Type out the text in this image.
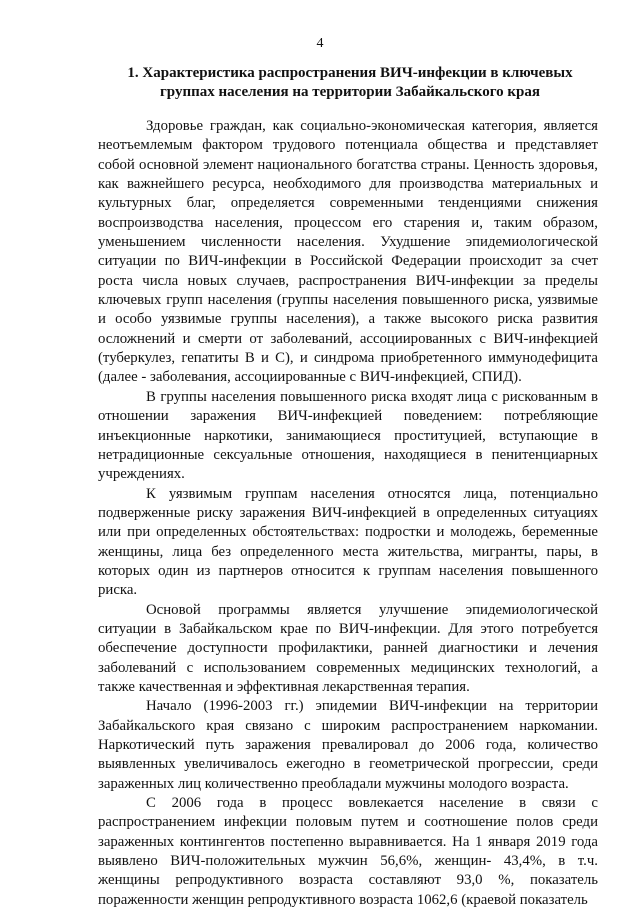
4
1. Характеристика распространения ВИЧ-инфекции в ключевых группах населения на территории Забайкальского края

Здоровье граждан, как социально-экономическая категория, является неотъемлемым фактором трудового потенциала общества и представляет собой основной элемент национального богатства страны. Ценность здоровья, как важнейшего ресурса, необходимого для производства материальных и культурных благ, определяется современными тенденциями снижения воспроизводства населения, процессом его старения и, таким образом, уменьшением численности населения. Ухудшение эпидемиологической ситуации по ВИЧ-инфекции в Российской Федерации происходит за счет роста числа новых случаев, распространения ВИЧ-инфекции за пределы ключевых групп населения (группы населения повышенного риска, уязвимые и особо уязвимые группы населения), а также высокого риска развития осложнений и смерти от заболеваний, ассоциированных с ВИЧ-инфекцией (туберкулез, гепатиты В и С), и синдрома приобретенного иммунодефицита (далее - заболевания, ассоциированные с ВИЧ-инфекцией, СПИД).

В группы населения повышенного риска входят лица с рискованным в отношении заражения ВИЧ-инфекцией поведением: потребляющие инъекционные наркотики, занимающиеся проституцией, вступающие в нетрадиционные сексуальные отношения, находящиеся в пенитенциарных учреждениях.

К уязвимым группам населения относятся лица, потенциально подверженные риску заражения ВИЧ-инфекцией в определенных ситуациях или при определенных обстоятельствах: подростки и молодежь, беременные женщины, лица без определенного места жительства, мигранты, пары, в которых один из партнеров относится к группам населения повышенного риска.

Основой программы является улучшение эпидемиологической ситуации в Забайкальском крае по ВИЧ-инфекции. Для этого потребуется обеспечение доступности профилактики, ранней диагностики и лечения заболеваний с использованием современных медицинских технологий, а также качественная и эффективная лекарственная терапия.

Начало (1996-2003 гг.) эпидемии ВИЧ-инфекции на территории Забайкальского края связано с широким распространением наркомании. Наркотический путь заражения превалировал до 2006 года, количество выявленных увеличивалось ежегодно в геометрической прогрессии, среди зараженных лиц количественно преобладали мужчины молодого возраста.

С 2006 года в процесс вовлекается население в связи с распространением инфекции половым путем и соотношение полов среди зараженных контингентов постепенно выравнивается. На 1 января 2019 года выявлено ВИЧ-положительных мужчин 56,6%, женщин- 43,4%, в т.ч. женщины репродуктивного возраста составляют 93,0 %, показатель пораженности женщин репродуктивного возраста 1062,6 (краевой показатель
